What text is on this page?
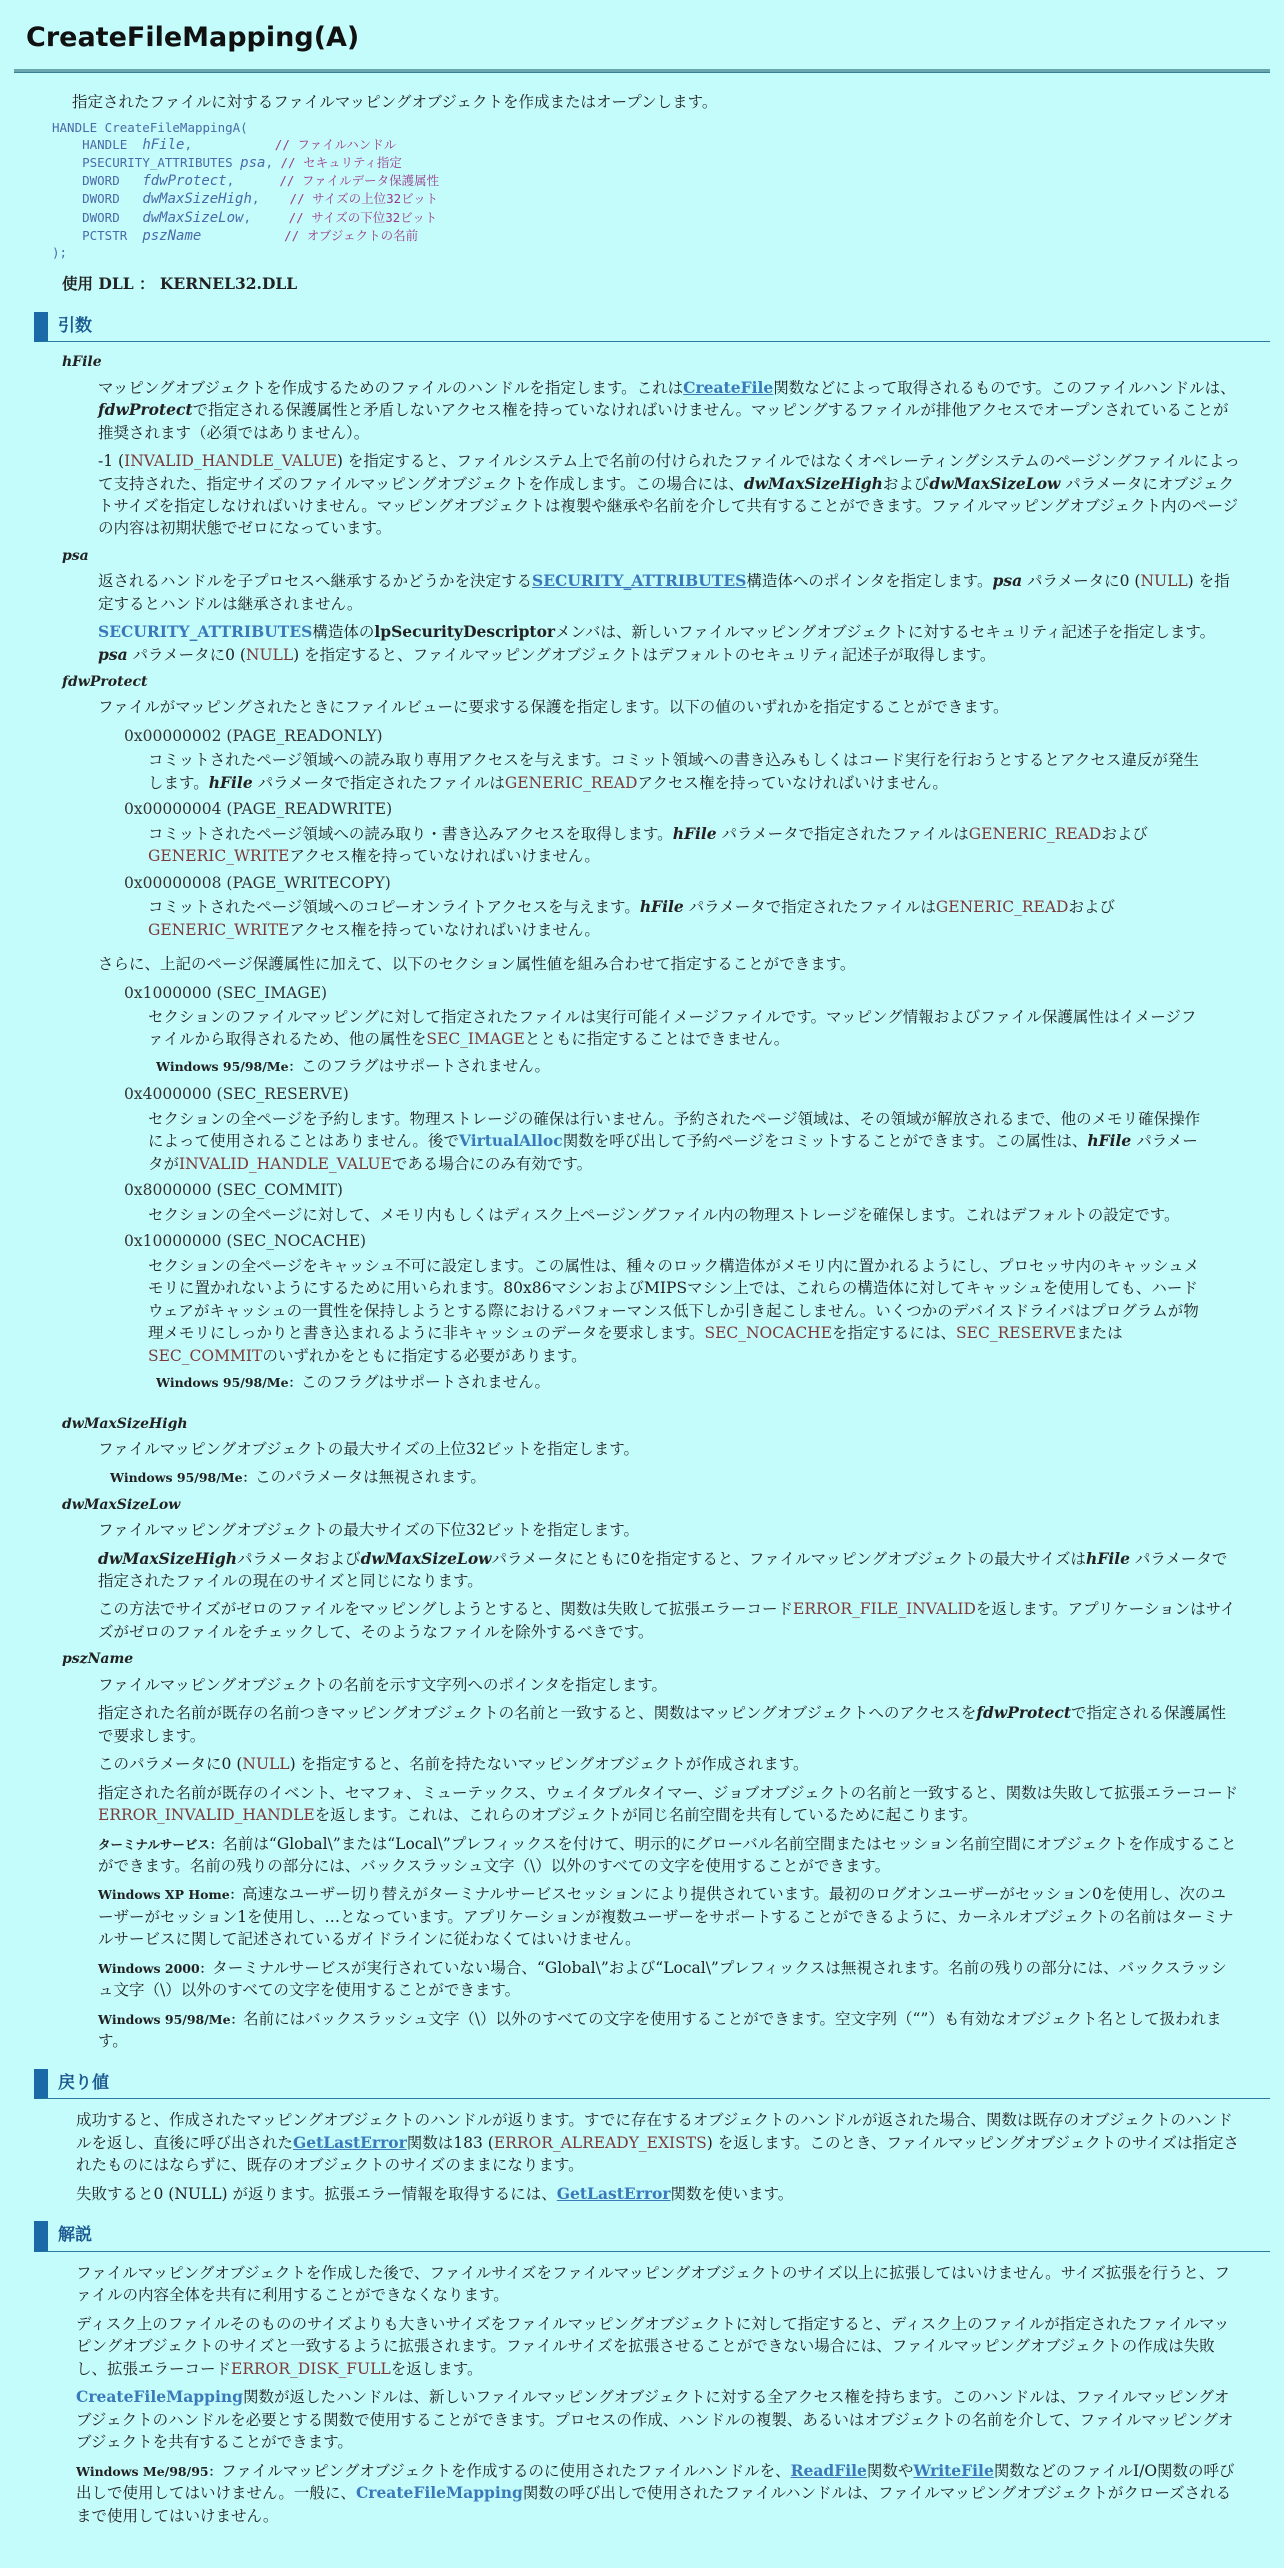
CreateFileMapping(A)

指定されたファイルに対するファイルマッピングオブジェクトを作成またはオープンします。

HANDLE CreateFileMappingA(
HANDLE hFile,           // ファイルハンドル
PSECURITY_ATTRIBUTES psa, // セキュリティ指定
DWORD fdwProtect,      // ファイルデータ保護属性
DWORD dwMaxSizeHigh,    // サイズの上位32ビット
DWORD dwMaxSizeLow,     // サイズの下位32ビット
PCTSTR pszName	// オブジェクトの名前
);

使用 DLL ： KERNEL32.DLL

引数

hFile

マッピングオブジェクトを作成するためのファイルのハンドルを指定します。これはCreateFile関数などによって取得されるものです。このファイルハンドルは、fdwProtectで指定される保護属性と矛盾しないアクセス権を持っていなければいけません。マッピングするファイルが排他アクセスでオープンされていることが推奨されます（必須ではありません）。

-1 (INVALID_HANDLE_VALUE) を指定すると、ファイルシステム上で名前の付けられたファイルではなくオペレーティングシステムのページングファイルによって支持された、指定サイズのファイルマッピングオブジェクトを作成します。この場合には、dwMaxSizeHighおよびdwMaxSizeLow パラメータにオブジェクトサイズを指定しなければいけません。マッピングオブジェクトは複製や継承や名前を介して共有することができます。ファイルマッピングオブジェクト内のページの内容は初期状態でゼロになっています。

psa

返されるハンドルを子プロセスへ継承するかどうかを決定するSECURITY_ATTRIBUTES構造体へのポインタを指定します。psa パラメータに0 (NULL) を指定するとハンドルは継承されません。

SECURITY_ATTRIBUTES構造体のlpSecurityDescriptorメンバは、新しいファイルマッピングオブジェクトに対するセキュリティ記述子を指定します。psa パラメータに0 (NULL) を指定すると、ファイルマッピングオブジェクトはデフォルトのセキュリティ記述子が取得します。

fdwProtect

ファイルがマッピングされたときにファイルビューに要求する保護を指定します。以下の値のいずれかを指定することができます。

0x00000002 (PAGE_READONLY)

コミットされたページ領域への読み取り専用アクセスを与えます。コミット領域への書き込みもしくはコード実行を行おうとするとアクセス違反が発生します。hFile パラメータで指定されたファイルはGENERIC_READアクセス権を持っていなければいけません。

0x00000004 (PAGE_READWRITE)

コミットされたページ領域への読み取り・書き込みアクセスを取得します。hFile パラメータで指定されたファイルはGENERIC_READおよびGENERIC_WRITEアクセス権を持っていなければいけません。

0x00000008 (PAGE_WRITECOPY)

コミットされたページ領域へのコピーオンライトアクセスを与えます。hFile パラメータで指定されたファイルはGENERIC_READおよびGENERIC_WRITEアクセス権を持っていなければいけません。

さらに、上記のページ保護属性に加えて、以下のセクション属性値を組み合わせて指定することができます。

0x1000000 (SEC_IMAGE)

セクションのファイルマッピングに対して指定されたファイルは実行可能イメージファイルです。マッピング情報およびファイル保護属性はイメージファイルから取得されるため、他の属性をSEC_IMAGEとともに指定することはできません。

Windows 95/98/Me：このフラグはサポートされません。

0x4000000 (SEC_RESERVE)

セクションの全ページを予約します。物理ストレージの確保は行いません。予約されたページ領域は、その領域が解放されるまで、他のメモリ確保操作によって使用されることはありません。後でVirtualAlloc関数を呼び出して予約ページをコミットすることができます。この属性は、hFile パラメータがINVALID_HANDLE_VALUEである場合にのみ有効です。

0x8000000 (SEC_COMMIT)

セクションの全ページに対して、メモリ内もしくはディスク上ページングファイル内の物理ストレージを確保します。これはデフォルトの設定です。

0x10000000 (SEC_NOCACHE)

セクションの全ページをキャッシュ不可に設定します。この属性は、種々のロック構造体がメモリ内に置かれるようにし、プロセッサ内のキャッシュメモリに置かれないようにするために用いられます。80x86マシンおよびMIPSマシン上では、これらの構造体に対してキャッシュを使用しても、ハードウェアがキャッシュの一貫性を保持しようとする際におけるパフォーマンス低下しか引き起こしません。いくつかのデバイスドライバはプログラムが物理メモリにしっかりと書き込まれるように非キャッシュのデータを要求します。SEC_NOCACHEを指定するには、SEC_RESERVEまたはSEC_COMMITのいずれかをともに指定する必要があります。

Windows 95/98/Me：このフラグはサポートされません。

dwMaxSizeHigh

ファイルマッピングオブジェクトの最大サイズの上位32ビットを指定します。

Windows 95/98/Me：このパラメータは無視されます。

dwMaxSizeLow

ファイルマッピングオブジェクトの最大サイズの下位32ビットを指定します。

dwMaxSizeHighパラメータおよびdwMaxSizeLowパラメータにともに0を指定すると、ファイルマッピングオブジェクトの最大サイズはhFile パラメータで指定されたファイルの現在のサイズと同じになります。

この方法でサイズがゼロのファイルをマッピングしようとすると、関数は失敗して拡張エラーコードERROR_FILE_INVALIDを返します。アプリケーションはサイズがゼロのファイルをチェックして、そのようなファイルを除外するべきです。

pszName

ファイルマッピングオブジェクトの名前を示す文字列へのポインタを指定します。

指定された名前が既存の名前つきマッピングオブジェクトの名前と一致すると、関数はマッピングオブジェクトへのアクセスをfdwProtectで指定される保護属性で要求します。

このパラメータに0 (NULL) を指定すると、名前を持たないマッピングオブジェクトが作成されます。

指定された名前が既存のイベント、セマフォ、ミューテックス、ウェイタブルタイマー、ジョブオブジェクトの名前と一致すると、関数は失敗して拡張エラーコードERROR_INVALID_HANDLEを返します。これは、これらのオブジェクトが同じ名前空間を共有しているために起こります。

ターミナルサービス：名前は“Global\”または“Local\”プレフィックスを付けて、明示的にグローバル名前空間またはセッション名前空間にオブジェクトを作成することができます。名前の残りの部分には、バックスラッシュ文字（\）以外のすべての文字を使用することができます。

Windows XP Home：高速なユーザー切り替えがターミナルサービスセッションにより提供されています。最初のログオンユーザーがセッション0を使用し、次のユーザーがセッション1を使用し、…となっています。アプリケーションが複数ユーザーをサポートすることができるように、カーネルオブジェクトの名前はターミナルサービスに関して記述されているガイドラインに従わなくてはいけません。

Windows 2000：ターミナルサービスが実行されていない場合、“Global\”および“Local\”プレフィックスは無視されます。名前の残りの部分には、バックスラッシュ文字（\）以外のすべての文字を使用することができます。

Windows 95/98/Me：名前にはバックスラッシュ文字（\）以外のすべての文字を使用することができます。空文字列（“”）も有効なオブジェクト名として扱われます。

戻り値

成功すると、作成されたマッピングオブジェクトのハンドルが返ります。すでに存在するオブジェクトのハンドルが返された場合、関数は既存のオブジェクトのハンドルを返し、直後に呼び出されたGetLastError関数は183 (ERROR_ALREADY_EXISTS) を返します。このとき、ファイルマッピングオブジェクトのサイズは指定されたものにはならずに、既存のオブジェクトのサイズのままになります。

失敗すると0 (NULL) が返ります。拡張エラー情報を取得するには、GetLastError関数を使います。

解説

ファイルマッピングオブジェクトを作成した後で、ファイルサイズをファイルマッピングオブジェクトのサイズ以上に拡張してはいけません。サイズ拡張を行うと、ファイルの内容全体を共有に利用することができなくなります。

ディスク上のファイルそのもののサイズよりも大きいサイズをファイルマッピングオブジェクトに対して指定すると、ディスク上のファイルが指定されたファイルマッピングオブジェクトのサイズと一致するように拡張されます。ファイルサイズを拡張させることができない場合には、ファイルマッピングオブジェクトの作成は失敗し、拡張エラーコードERROR_DISK_FULLを返します。

CreateFileMapping関数が返したハンドルは、新しいファイルマッピングオブジェクトに対する全アクセス権を持ちます。このハンドルは、ファイルマッピングオブジェクトのハンドルを必要とする関数で使用することができます。プロセスの作成、ハンドルの複製、あるいはオブジェクトの名前を介して、ファイルマッピングオブジェクトを共有することができます。

Windows Me/98/95：ファイルマッピングオブジェクトを作成するのに使用されたファイルハンドルを、ReadFile関数やWriteFile関数などのファイルI/O関数の呼び出しで使用してはいけません。一般に、CreateFileMapping関数の呼び出しで使用されたファイルハンドルは、ファイルマッピングオブジェクトがクローズされるまで使用してはいけません。
